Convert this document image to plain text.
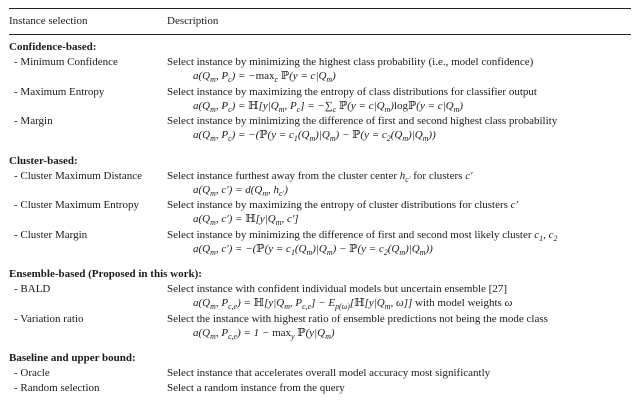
Instance selection	Description
Confidence-based:
- Minimum Confidence	Select instance by minimizing the highest class probability (i.e., model confidence)
$a(Q_m$, $P_c) = -\max_c$ ℙ(y = $c|Q_m$)
- Maximum Entropy	Select instance by maximizing the entropy of class distributions for classifier output
$a(Q_m$, $P_c$) = $ℍ[y|Q_m$, $P_c] = -\sum_c$ ℙ(y = $c|Q_m)\log ℙ(y = c|Q_m)$
- Margin	Select instance by minimizing the difference of first and second highest class probability
$a(Q_m$, $P_c$) = −(ℙ(y = $c_1(Q_m)|Q_m$) − ℙ(y = $c_2(Q_m)|Q_m$))
Cluster-based:
- Cluster Maximum Distance	Select instance furthest away from the cluster center $h_{c'}$ for clusters c′
$a(Q_m$, $c') = d(Q_m$, $h_{c'}$)
- Cluster Maximum Entropy	Select instance by maximizing the entropy of cluster distributions for clusters c′
$a(Q_m$, $c') = ℍ[y|Q_m$, c′]
- Cluster Margin	Select instance by minimizing the difference of first and second most likely cluster $c_1$, $c_2$
$a(Q_m$, c′) = −(ℙ(y = $c_1(Q_m)|Q_m$) − ℙ(y = $c_2(Q_m)|Q_m$))
Ensemble-based (Proposed in this work):
- BALD	Select instance with confident individual models but uncertain ensemble [27]
$a(Q_m$, $P_{c,e}$) = $ℍ[y|Q_m$, $P_{c,e}$] − $E_{p(\omega)}[ℍ[y|Q_m$, ω]] with model weights ω
- Variation ratio	Select the instance with highest ratio of ensemble predictions not being the mode class
$a(Q_m$, $P_{c,e}) = 1 - \max_y$ $ℙ(y|Q_m)$
Baseline and upper bound:
- Oracle	Select instance that accelerates overall model accuracy most significantly
- Random selection	Select a random instance from the query
